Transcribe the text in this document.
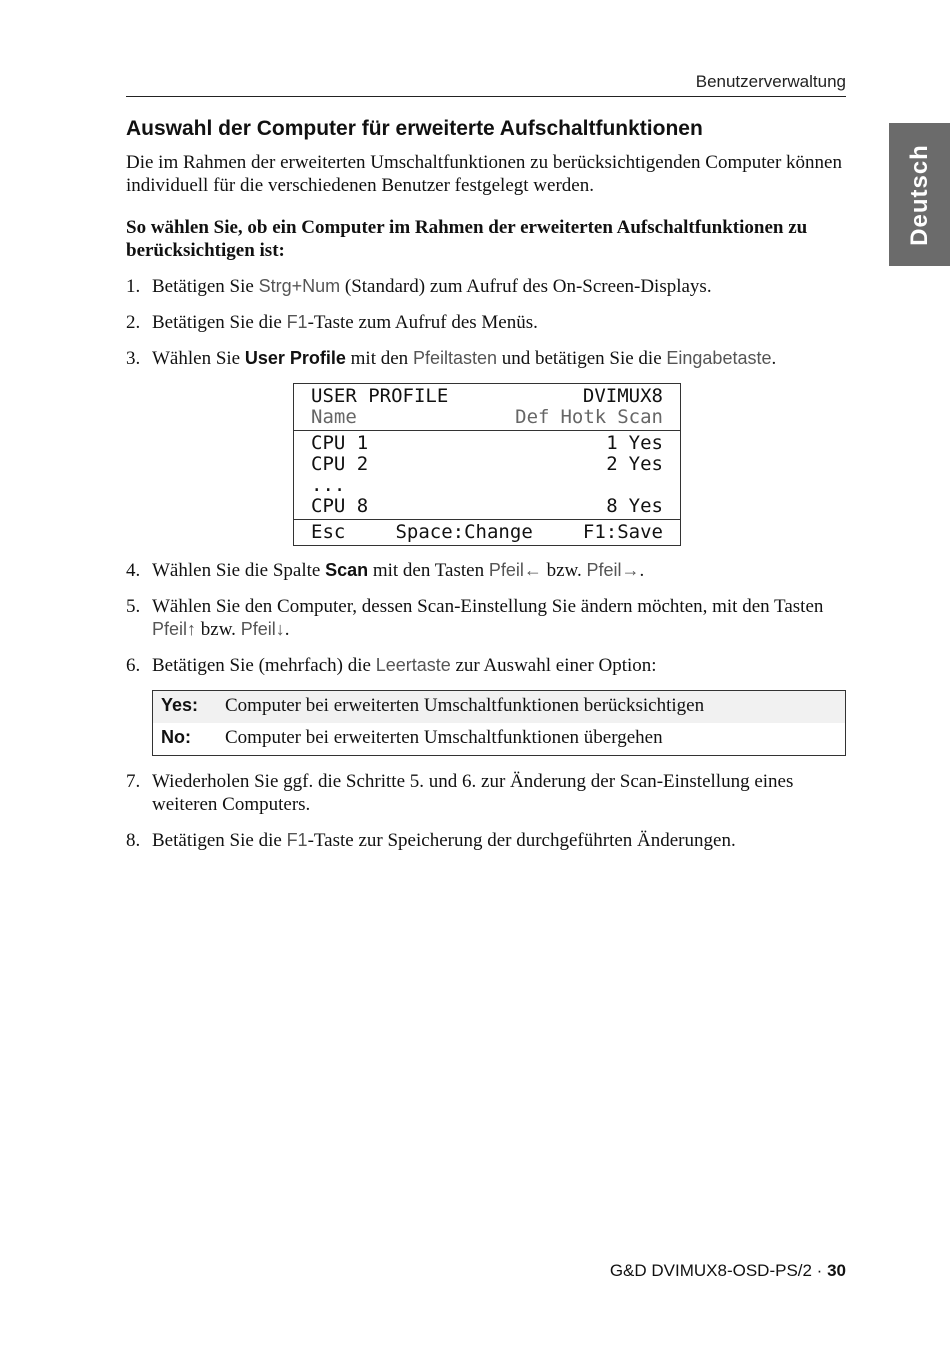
Benutzerverwaltung
Deutsch
Auswahl der Computer für erweiterte Aufschaltfunktionen

Die im Rahmen der erweiterten Umschaltfunktionen zu berücksichtigenden Computer können individuell für die verschiedenen Benutzer festgelegt werden.

So wählen Sie, ob ein Computer im Rahmen der erweiterten Aufschaltfunktionen zu berücksichtigen ist:

1. Betätigen Sie Strg+Num (Standard) zum Aufruf des On-Screen-Displays.
2. Betätigen Sie die F1-Taste zum Aufruf des Menüs.
3. Wählen Sie User Profile mit den Pfeiltasten und betätigen Sie die Eingabetaste.
USER PROFILE	DVIMUX8
Name	Def Hotk Scan
CPU 1	1 Yes
CPU 2	2 Yes
...
CPU 8	8 Yes
Esc	Space:Change	F1:Save
4. Wählen Sie die Spalte Scan mit den Tasten Pfeil← bzw. Pfeil→.
5. Wählen Sie den Computer, dessen Scan-Einstellung Sie ändern möchten, mit den Tasten Pfeil↑ bzw. Pfeil↓.
6. Betätigen Sie (mehrfach) die Leertaste zur Auswahl einer Option:
Yes:	Computer bei erweiterten Umschaltfunktionen berücksichtigen
No:	Computer bei erweiterten Umschaltfunktionen übergehen
7. Wiederholen Sie ggf. die Schritte 5. und 6. zur Änderung der Scan-Einstellung eines weiteren Computers.
8. Betätigen Sie die F1-Taste zur Speicherung der durchgeführten Änderungen.
G&D DVIMUX8-OSD-PS/2 · 30
